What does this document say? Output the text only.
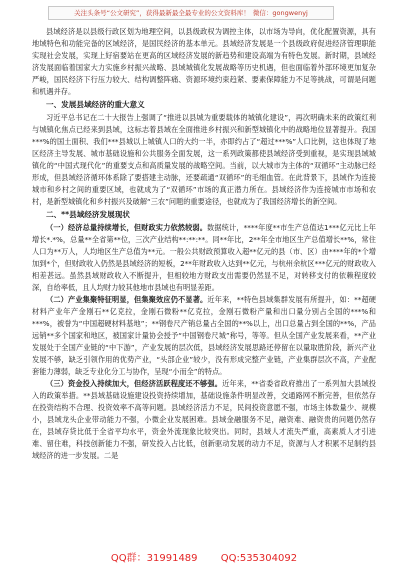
关注头条号“公文研究”，获得最新最全最专业的公文资料库！ 微信：gongwenyj

县域经济是以县级行政区划为地理空间，以县级政权为调控主体，以市场为导向，优化配置资源，具有地域特色和功能完备的区域经济，是国民经济的基本单元。县域经济发展是一个县级政府促进经济管理职能实现社会发展，实现上好宿要站在更高的区域经济发展的新趋势和建设高端为有特色发展。新时期，县域经济发展面临着国家大力实施乡村振兴战略、县域城镇化发展战略等历史机遇，但也面临着外部环境更加复杂严峻，国民经济下行压力较大、结构调整阵痛、资源环境约束趋紧、要素保障能力不足等挑战，可谓是问题和机遇并存。

一、发展县域经济的重大意义

习近平总书记在二十大报告上强调了“推进以县城为重要载体的城镇化建设”，再次明确未来的政策红利与城镇化焦点已经来到县域，这标志着县域在全面推进乡村振兴和新型城镇化中的战略地位显著提升。我国***%的国土面积、我们***县城以上城镇人口的大约一半，亦即约占了“超过***%”人口比例，这也体现了地区经济主导发展、城市基础设施和公共服务全面发展，这一系列政策都使县域经济受到重视，是实现县域城镇化的“中国式现代化”的重要支点和高质量发展的战略空间。当前，以大城市为主体的“双循环”主动脉已经形成，但县域经济循环体系除了要搭建主动脉，还要疏通“双循环”的毛细血管。在此背景下，县域作为连接城市和乡村之间的重要区域，也就成为了“双循环”市场的真正潜力所在。县域经济作为连接城市市场和农村，是新型城镇化和乡村振兴及破解“三农”问题的重要途径，也就成为了我国经济增长的新空间。

二、**县域经济发展现状

（一）经济总量持续增长，但财政实力依然较弱。数据统计，****年度**市生产总值达1***亿元比上年增长*.*%，总量**全省第**位，三次产业结构**:**:**。同**年比，2**年全市地区生产总值增长**%，常住人口为**万人，人均地区生产总值为**元。一般公共财政预算收入超**亿元的县（市、区）由****年的*个增加到*个，但财政收入仍然是县域经济的短板，2**年财政收入达到**亿元，与杭州余杭区***亿元的财政收入相差甚远。虽然县域财政收入不断提升，但相较地方财政支出需要仍然显不足，对转移支付的依赖程度较深，自给率低，且人均财力较其他地市县域也有明显差距。

（二）产业集聚特征明显，但集聚效应仍不显著。近年来，**特色县域集群发展有所提升，如：**超硬材料产业年产金刚石**亿克拉，金刚石微粉**亿克拉，金刚石微粉产量和出口量分别占全国的***%和***%，被誉为“中国超硬材料基地”；**钢卷尺产销总量占全国的**%以上，出口总量占到全国的**%，产品远销**多个国家和地区，被国家计量协会授予“中国钢卷尺城”称号，等等。但从全国产业发展来看，**产业发展处于全国产业链的“中下游”，产业发展的层次低，县域经济发展思路还停留在以量取胜阶段，新兴产业发展不够，缺乏引领作用的优势产业，“头部企业”较少，没有形成完整产业链，产业集群层次不高，产业配套能力薄弱，缺乏专业化分工与协作，呈现“小而全”的特点。

（三）资金投入持续加大，但经济活跃程度还不够强。近年来，**省委省政府推出了一系列加大县域投入的政策举措。**县域基础设施建设投资持续增加，基础设施条件明显改善，交通路网不断完善，但依然存在投资结构不合理、投资效率不高等问题。县域经济活力不足，民间投资意愿不强，市场主体数量少、规模小，县域龙头企业带动能力不强，小微企业发展困难。县域金融服务不足，融资难、融资贵的问题仍然存在，县域存贷比低于全省平均水平，资金外流现象比较突出。同时，县域人才流失严重，高素质人才引进难、留住难，科技创新能力不强，研发投入占比低，创新驱动发展的动力不足，资源与人才积累不足制约县域经济的进一步发展。二是

QQ群：31991489 QQ:535304092
